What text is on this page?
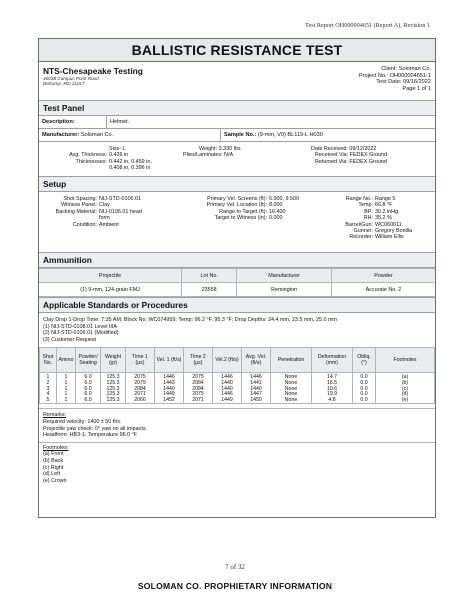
Test Report OH000004651 (Report A), Revision 1
BALLISTIC RESISTANCE TEST
NTS-Chesapeake Testing
4603B Campus Point Road
Belcamp, MD 21017
Client: Soloman Co.
Project No.: OH000004651-1
Test Date: 09/16/2022
Page 1 of 1
Test Panel
Description:	Helmet.
Manufacturer: Soloman Co.	Sample No.: (9-mm, V0) BL119-L H030
Size: L
Avg. Thickness: 0.426 in
Thicknesses: 0.442 in, 0.459 in,
0.408 in, 0.396 in
Weight: 3.330 lbs
Plies/Laminates: N/A
Date Received: 09/12/2022
Received Via: FEDEX Ground
Returned Via: FEDEX Ground
Setup
Shot Spacing: NIJ-STD-0106.01
Witness Panel: Clay
Backing Material: NIJ-0106.01 head
form
Condition: Ambient
Primary Vel. Screens (ft): 6.500, 9.500
Primary Vel. Location (ft): 8.000
Range to Target (ft): 16.400
Target to Witness (in): 0.000
Range No.: Range 5
Temp: 66.8 °F
BP: 30.2 inHg
RH: 35.2 %
Barrel/Gun: WC060611
Gunner: Gregory Bonilla
Recorder: William Ellis
Ammunition
Projectile	Lot No.	Manufacturer	Powder
(1) 9-mm, 124-grain FMJ	23558	Remington	Accurate No. 2
Applicable Standards or Procedures
Clay Drop 1-Drop Time: 7:35 AM; Block No. WC074959; Temp: 96.2 °F, 95.3 °F; Drop Depths: 24.4 mm, 23.5 mm, 25.0 mm
(1) NIJ-STD-0108.01 Level IIIA
(2) NIJ-STD-0106.01 (Modified)
(3) Customer Request
Shot No.	Ammo	Powder/ Seating	Weight (gr)	Time 1 (µs)	Vel. 1 (ft/s)	Time 2 (µs)	Vel.2 (ft/s)	Avg. Vel. (ft/s)	Penetration	Deformation (mm)	Obliq. (°)	Footnotes
1	1	6.0	125.3	2075	1446	2075	1446	1446	None	14.7	0.0	(a)
2	1	6.0	125.3	2079	1443	2084	1440	1441	None	16.5	0.0	(b)
3	1	6.0	125.3	2084	1440	2084	1440	1440	None	19.6	0.0	(c)
4	1	6.0	125.3	2071	1449	2075	1446	1447	None	19.9	0.0	(d)
5	1	6.0	125.3	2066	1452	2071	1449	1450	None	4.8	0.0	(e)
Remarks:
Required velocity: 1400 ± 50 ft/s.
Projectile yaw check: 0° yaw on all impacts.
Headform: HB3-1: Temperature 96.0 °F
Footnotes:
(a) Front
(b) Back
(c) Right
(d) Left
(e) Crown
7 of 32
SOLOMAN CO. PROPHIETARY INFORMATION
